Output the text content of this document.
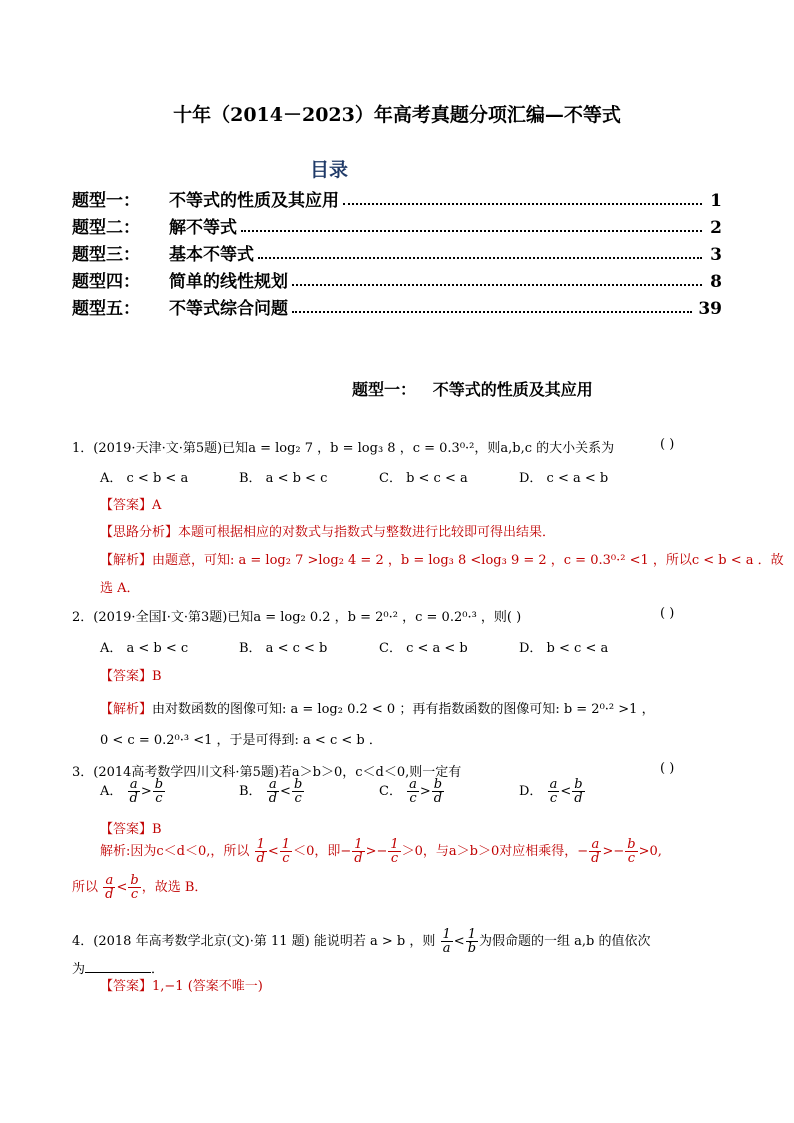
十年（2014－2023）年高考真题分项汇编—不等式
目录
题型一：	不等式的性质及其应用	1
题型二：	解不等式	2
题型三：	基本不等式	3
题型四：	简单的线性规划	8
题型五：	不等式综合问题	39
题型一： 不等式的性质及其应用
1．(2019·天津·文·第5题)已知a = log₂ 7 ，b = log₃ 8 ，c = 0.3⁰·²，则a,b,c 的大小关系为	( )
A． c < b < a	B． a < b < c	C． b < c < a	D． c < a < b
【答案】A
【思路分析】本题可根据相应的对数式与指数式与整数进行比较即可得出结果．
【解析】由题意，可知: a = log₂ 7 >log₂ 4 = 2 ，b = log₃ 8 <log₃ 9 = 2 ，c = 0.3⁰·² <1 ，所以c < b < a ．故
选 A．
2．(2019·全国Ⅰ·文·第3题)已知a = log₂ 0.2 ，b = 2⁰·² ，c = 0.2⁰·³ ，则( )	( )
A． a < b < c	B． a < c < b	C． c < a < b	D． b < c < a
【答案】B
【解析】由对数函数的图像可知: a = log₂ 0.2 < 0 ；再有指数函数的图像可知: b = 2⁰·² >1 ，
0 < c = 0.2⁰·³ <1 ，于是可得到: a < c < b ．
3．(2014高考数学四川文科·第5题)若a＞b＞0，c＜d＜0,则一定有	( )
A． $\frac{a}{d} > \frac{b}{c}$	B． $\frac{a}{d} < \frac{b}{c}$	C． $\frac{a}{c} > \frac{b}{d}$	D． $\frac{a}{c} < \frac{b}{d}$
【答案】B
解析:因为c＜d＜0,，所以 $\frac{1}{d} < \frac{1}{c} <0$，即− $\frac{1}{d} >- \frac{1}{c} >0$，与a＞b＞0对应相乘得，− $\frac{a}{d} >- \frac{b}{c} >0$,
所以 $\frac{a}{d} < \frac{b}{c}$ ，故选 B．
4．(2018 年高考数学北京(文)·第 11 题) 能说明若 a > b ，则 $\frac{1}{a} < \frac{1}{b}$ 为假命题的一组 a,b 的值依次
为	．
【答案】1,−1 (答案不唯一)
